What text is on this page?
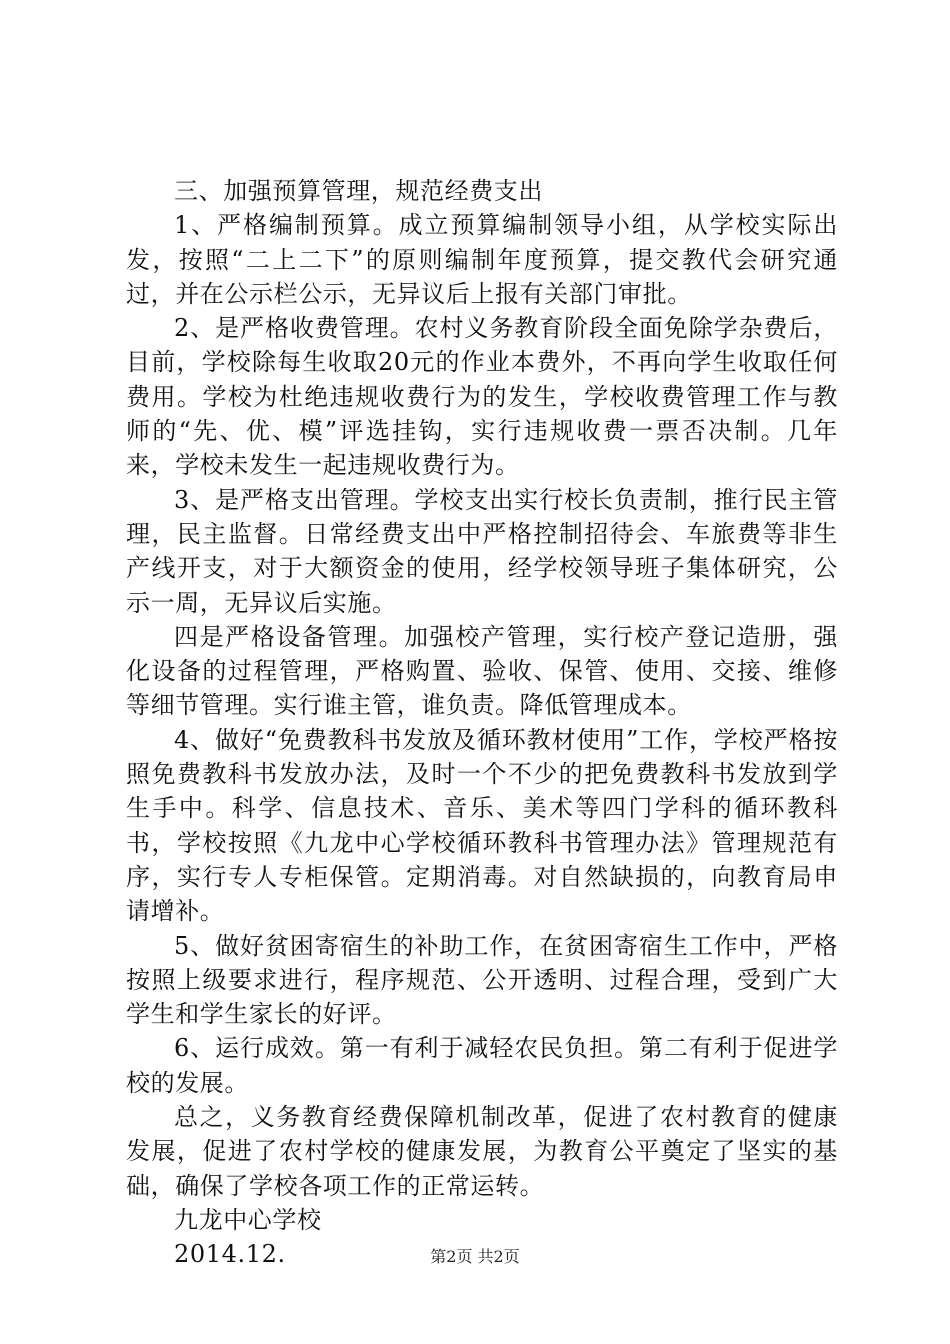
三、加强预算管理，规范经费支出

1、严格编制预算。成立预算编制领导小组，从学校实际出发，按照“二上二下”的原则编制年度预算，提交教代会研究通过，并在公示栏公示，无异议后上报有关部门审批。

2、是严格收费管理。农村义务教育阶段全面免除学杂费后，目前，学校除每生收取20元的作业本费外，不再向学生收取任何费用。学校为杜绝违规收费行为的发生，学校收费管理工作与教师的“先、优、模”评选挂钩，实行违规收费一票否决制。几年来，学校未发生一起违规收费行为。

3、是严格支出管理。学校支出实行校长负责制，推行民主管理，民主监督。日常经费支出中严格控制招待会、车旅费等非生产线开支，对于大额资金的使用，经学校领导班子集体研究，公示一周，无异议后实施。

四是严格设备管理。加强校产管理，实行校产登记造册，强化设备的过程管理，严格购置、验收、保管、使用、交接、维修等细节管理。实行谁主管，谁负责。降低管理成本。

4、做好“免费教科书发放及循环教材使用”工作，学校严格按照免费教科书发放办法，及时一个不少的把免费教科书发放到学生手中。科学、信息技术、音乐、美术等四门学科的循环教科书，学校按照《九龙中心学校循环教科书管理办法》管理规范有序，实行专人专柜保管。定期消毒。对自然缺损的，向教育局申请增补。

5、做好贫困寄宿生的补助工作，在贫困寄宿生工作中，严格按照上级要求进行，程序规范、公开透明、过程合理，受到广大学生和学生家长的好评。

6、运行成效。第一有利于减轻农民负担。第二有利于促进学校的发展。

总之，义务教育经费保障机制改革，促进了农村教育的健康发展，促进了农村学校的健康发展，为教育公平奠定了坚实的基础，确保了学校各项工作的正常运转。

九龙中心学校

2014.12.	第2页 共2页
